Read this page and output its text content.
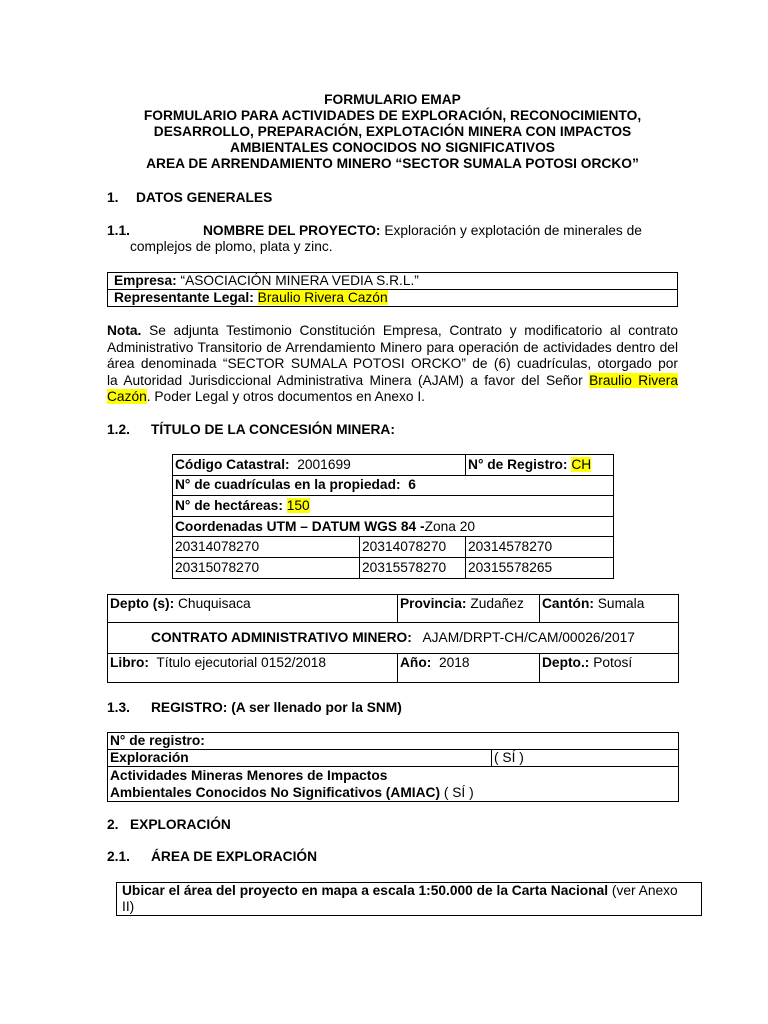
FORMULARIO EMAP
FORMULARIO PARA ACTIVIDADES DE EXPLORACIÓN, RECONOCIMIENTO,
DESARROLLO, PREPARACIÓN, EXPLOTACIÓN MINERA CON IMPACTOS
AMBIENTALES CONOCIDOS NO SIGNIFICATIVOS
AREA DE ARRENDAMIENTO MINERO “SECTOR SUMALA POTOSI ORCKO”
1. DATOS GENERALES
1.1.	NOMBRE DEL PROYECTO: Exploración y explotación de minerales de complejos de plomo, plata y zinc.
Empresa: “ASOCIACIÓN MINERA VEDIA S.R.L.”
Representante Legal: Braulio Rivera Cazón
Nota. Se adjunta Testimonio Constitución Empresa, Contrato y modificatorio al contrato
Administrativo Transitorio de Arrendamiento Minero para operación de actividades dentro del
área denominada “SECTOR SUMALA POTOSI ORCKO” de (6) cuadrículas, otorgado por
la Autoridad Jurisdiccional Administrativa Minera (AJAM) a favor del Señor Braulio Rivera
Cazón. Poder Legal y otros documentos en Anexo I.
1.2. TÍTULO DE LA CONCESIÓN MINERA:
Código Catastral: 2001699		N° de Registro: CH
N° de cuadrículas en la propiedad: 6		
N° de hectáreas: 150		
Coordenadas UTM – DATUM WGS 84 -Zona 20		
20314078270	20314078270	20314578270
20315078270	20315578270	20315578265
Depto (s): Chuquisaca	Provincia: Zudañez	Cantón: Sumala
CONTRATO ADMINISTRATIVO MINERO: AJAM/DRPT-CH/CAM/00026/2017		
Libro: Título ejecutorial 0152/2018	Año: 2018	Depto.: Potosí
1.3. REGISTRO: (A ser llenado por la SNM)
N° de registro:
Exploración	( SÍ )
Actividades Mineras Menores de Impactos
Ambientales Conocidos No Significativos (AMIAC) ( SÍ )
2. EXPLORACIÓN
2.1. ÁREA DE EXPLORACIÓN
Ubicar el área del proyecto en mapa a escala 1:50.000 de la Carta Nacional (ver Anexo II)
